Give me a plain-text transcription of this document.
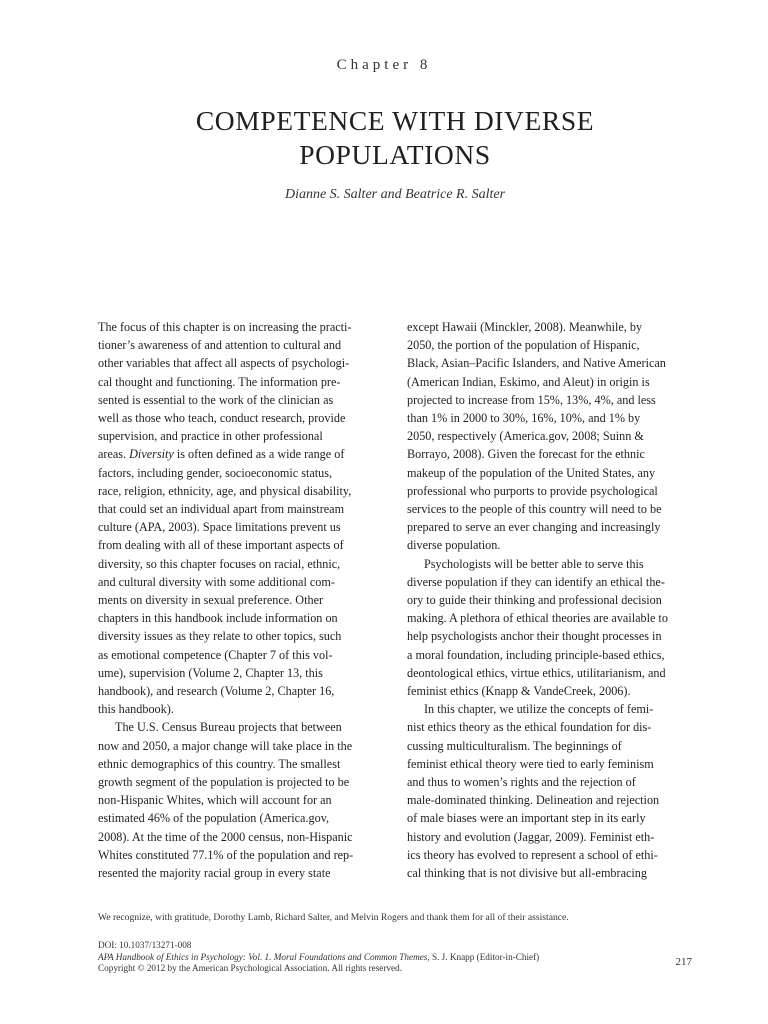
Chapter 8
COMPETENCE WITH DIVERSE
POPULATIONS
Dianne S. Salter and Beatrice R. Salter
The focus of this chapter is on increasing the practi-
tioner’s awareness of and attention to cultural and
other variables that affect all aspects of psychologi-
cal thought and functioning. The information pre-
sented is essential to the work of the clinician as
well as those who teach, conduct research, provide
supervision, and practice in other professional
areas. Diversity is often defined as a wide range of
factors, including gender, socioeconomic status,
race, religion, ethnicity, age, and physical disability,
that could set an individual apart from mainstream
culture (APA, 2003). Space limitations prevent us
from dealing with all of these important aspects of
diversity, so this chapter focuses on racial, ethnic,
and cultural diversity with some additional com-
ments on diversity in sexual preference. Other
chapters in this handbook include information on
diversity issues as they relate to other topics, such
as emotional competence (Chapter 7 of this vol-
ume), supervision (Volume 2, Chapter 13, this
handbook), and research (Volume 2, Chapter 16,
this handbook).
The U.S. Census Bureau projects that between
now and 2050, a major change will take place in the
ethnic demographics of this country. The smallest
growth segment of the population is projected to be
non-Hispanic Whites, which will account for an
estimated 46% of the population (America.gov,
2008). At the time of the 2000 census, non-Hispanic
Whites constituted 77.1% of the population and rep-
resented the majority racial group in every state
except Hawaii (Minckler, 2008). Meanwhile, by
2050, the portion of the population of Hispanic,
Black, Asian–Pacific Islanders, and Native American
(American Indian, Eskimo, and Aleut) in origin is
projected to increase from 15%, 13%, 4%, and less
than 1% in 2000 to 30%, 16%, 10%, and 1% by
2050, respectively (America.gov, 2008; Suinn &
Borrayo, 2008). Given the forecast for the ethnic
makeup of the population of the United States, any
professional who purports to provide psychological
services to the people of this country will need to be
prepared to serve an ever changing and increasingly
diverse population.
Psychologists will be better able to serve this
diverse population if they can identify an ethical the-
ory to guide their thinking and professional decision
making. A plethora of ethical theories are available to
help psychologists anchor their thought processes in
a moral foundation, including principle-based ethics,
deontological ethics, virtue ethics, utilitarianism, and
feminist ethics (Knapp & VandeCreek, 2006).
In this chapter, we utilize the concepts of femi-
nist ethics theory as the ethical foundation for dis-
cussing multiculturalism. The beginnings of
feminist ethical theory were tied to early feminism
and thus to women’s rights and the rejection of
male-dominated thinking. Delineation and rejection
of male biases were an important step in its early
history and evolution (Jaggar, 2009). Feminist eth-
ics theory has evolved to represent a school of ethi-
cal thinking that is not divisive but all-embracing
We recognize, with gratitude, Dorothy Lamb, Richard Salter, and Melvin Rogers and thank them for all of their assistance.
DOI: 10.1037/13271-008
APA Handbook of Ethics in Psychology: Vol. 1. Moral Foundations and Common Themes, S. J. Knapp (Editor-in-Chief)
Copyright © 2012 by the American Psychological Association. All rights reserved.
217
